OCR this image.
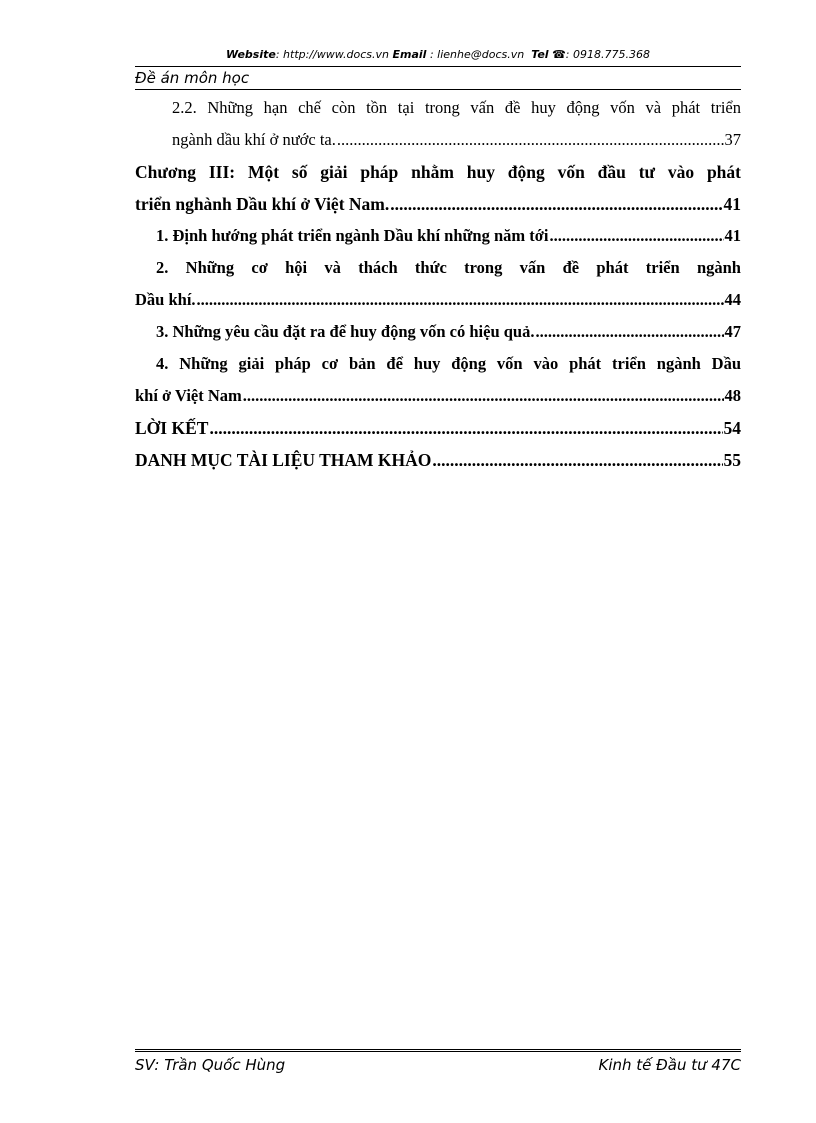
Website: http://www.docs.vn Email : lienhe@docs.vn Tel ☎: 0918.775.368
Đề án môn học
2.2. Những hạn chế còn tồn tại trong vấn đề huy động vốn và phát triển
ngành dầu khí ở nước ta. .....	37
Chương III: Một số giải pháp nhằm huy động vốn đầu tư vào phát
triển nghành Dầu khí ở Việt Nam. .....	41
1. Định hướng phát triển ngành Dầu khí những năm tới .....	41
2. Những cơ hội và thách thức trong vấn đề phát triển ngành
Dầu khí. .....	44
3. Những yêu cầu đặt ra để huy động vốn có hiệu quả. .....	47
4. Những giải pháp cơ bản để huy động vốn vào phát triển ngành Dầu
khí ở Việt Nam .....	48
LỜI KẾT .....	54
DANH MỤC TÀI LIỆU THAM KHẢO .....	55
SV: Trần Quốc Hùng	Kinh tế Đầu tư 47C
